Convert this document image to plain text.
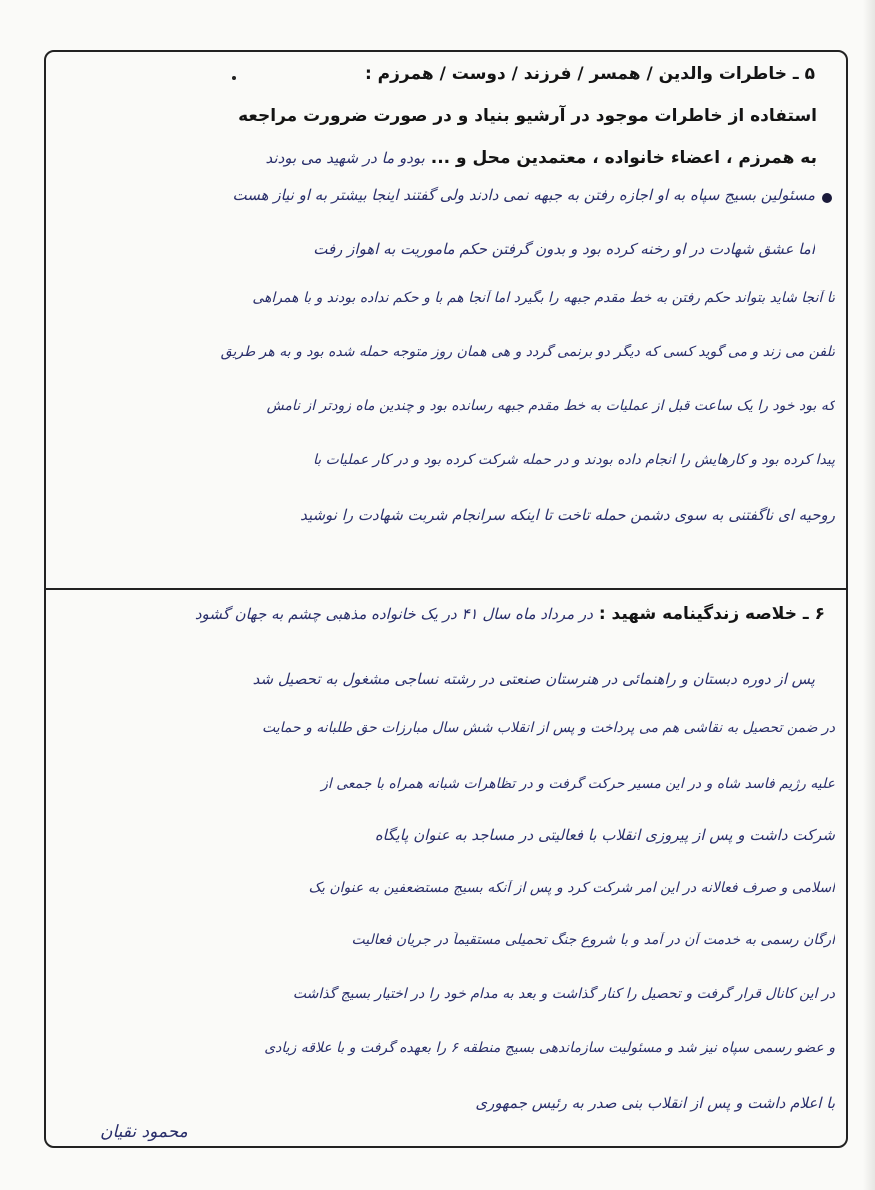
۵ ـ خاطرات والدین / همسر / فرزند / دوست / همرزم :
استفاده از خاطرات موجود در آرشیو بنیاد و در صورت ضرورت مراجعه
به همرزم ، اعضاء خانواده ، معتمدین محل و ... بودو ما در شهید می بودند
مسئولین بسیج سپاه به او اجازه رفتن به جبهه نمی دادند ولی گفتند اینجا بیشتر به او نیاز هست
اما عشق شهادت در او رخنه کرده بود و بدون گرفتن حکم ماموریت به اهواز رفت
تا آنجا شاید بتواند حکم رفتن به خط مقدم جبهه را بگیرد اما آنجا هم با و حکم نداده بودند و با همراهی
تلفن می زند و می گوید کسی که دیگر دو برنمی گردد و هی همان روز متوجه حمله شده بود و به هر طریق
که بود خود را یک ساعت قبل از عملیات به خط مقدم جبهه رسانده بود و چندین ماه زودتر از نامش
پیدا کرده بود و کارهایش را انجام داده بودند و در حمله شرکت کرده بود و در کار عملیات با
روحیه ای ناگفتنی به سوی دشمن حمله تاخت تا اینکه سرانجام شربت شهادت را نوشید
۶ ـ خلاصه زندگینامه شهید : در مرداد ماه سال ۴۱ در یک خانواده مذهبی چشم به جهان گشود
پس از دوره دبستان و راهنمائی در هنرستان صنعتی در رشته نساجی مشغول به تحصیل شد
در ضمن تحصیل به نقاشی هم می پرداخت و پس از انقلاب شش سال مبارزات حق طلبانه و حمایت
علیه رژیم فاسد شاه و در این مسیر حرکت گرفت و در تظاهرات شبانه همراه با جمعی از
شرکت داشت و پس از پیروزی انقلاب با فعالیتی در مساجد به عنوان پایگاه
اسلامی و صرف فعالانه در این امر شرکت کرد و پس از آنکه بسیج مستضعفین به عنوان یک
ارگان رسمی به خدمت آن در آمد و با شروع جنگ تحمیلی مستقیماً در جریان فعالیت
در این کانال قرار گرفت و تحصیل را کنار گذاشت و بعد به مدام خود را در اختیار بسیج گذاشت
و عضو رسمی سپاه نیز شد و مسئولیت سازماندهی بسیج منطقه ۶ را بعهده گرفت و با علاقه زیادی
با اعلام داشت و پس از انقلاب بنی صدر به رئیس جمهوری
محمود نقیان
